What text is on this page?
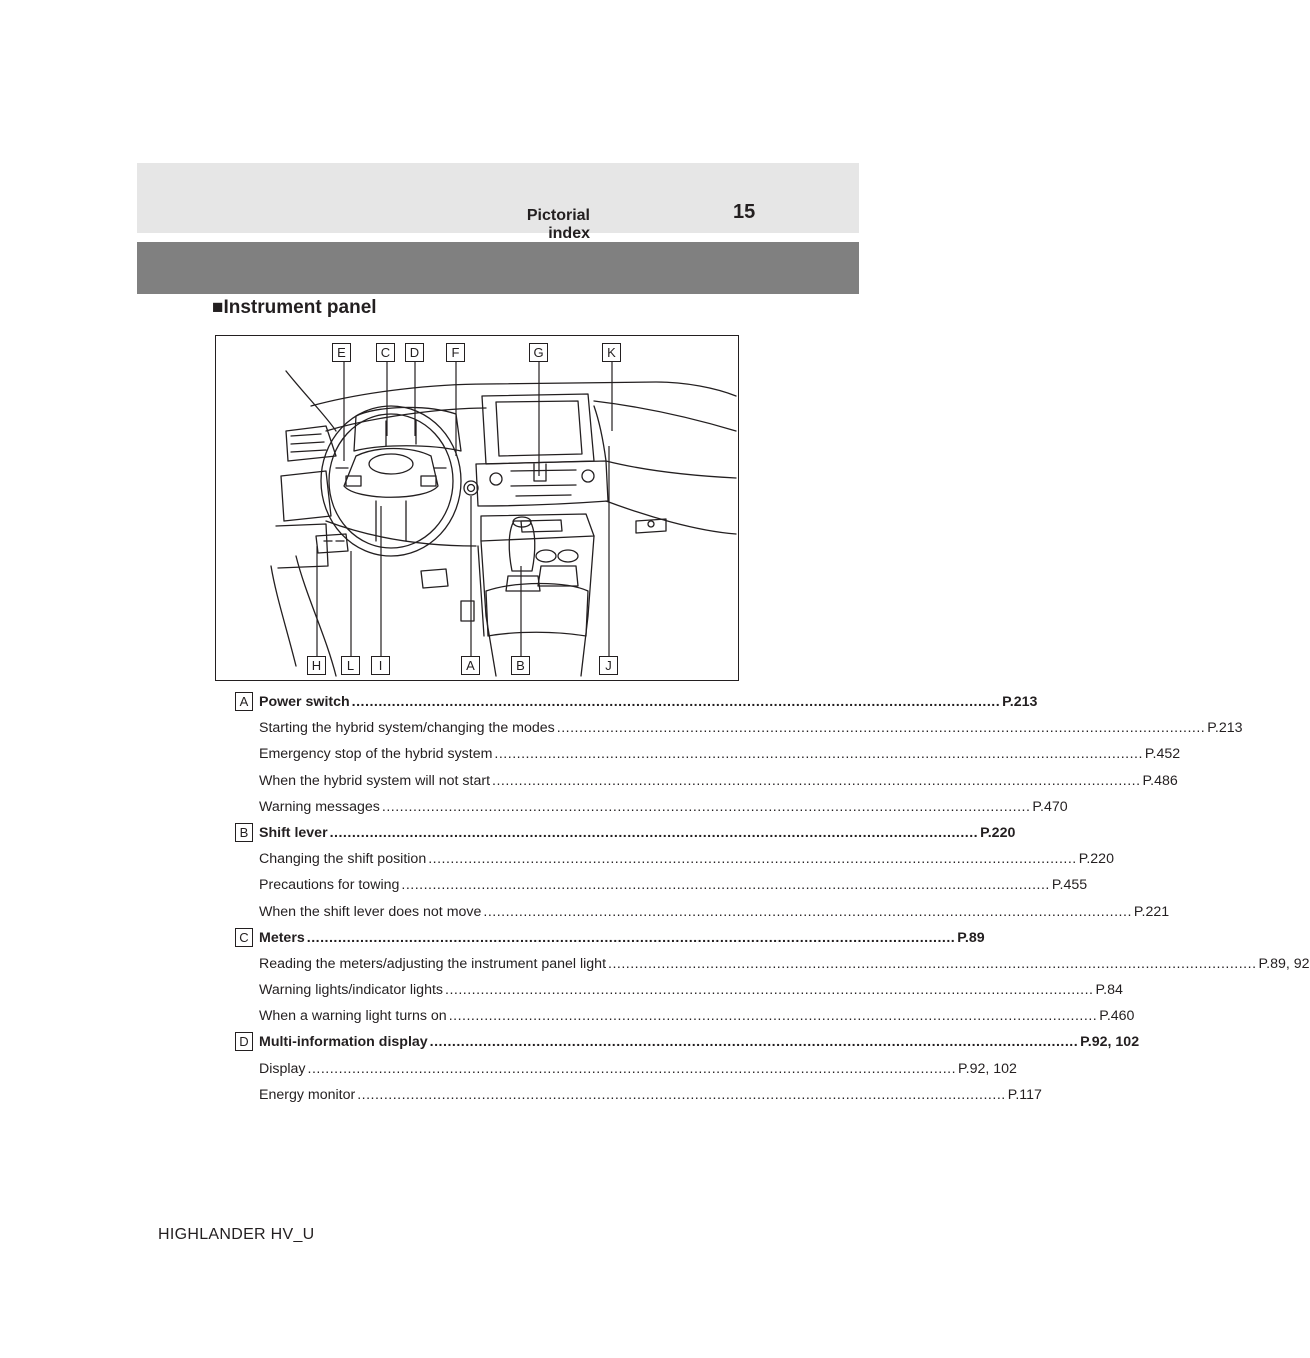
Pictorial index
15
■Instrument panel
E	C	D	F	G	K
H	L	I	A	B	J
A Power switch .................................................................................................................................................. P.213
Starting the hybrid system/changing the modes .................................................................................................................................................. P.213
Emergency stop of the hybrid system .................................................................................................................................................. P.452
When the hybrid system will not start .................................................................................................................................................. P.486
Warning messages .................................................................................................................................................. P.470
B Shift lever .................................................................................................................................................. P.220
Changing the shift position .................................................................................................................................................. P.220
Precautions for towing .................................................................................................................................................. P.455
When the shift lever does not move .................................................................................................................................................. P.221
C Meters .................................................................................................................................................. P.89
Reading the meters/adjusting the instrument panel light .................................................................................................................................................. P.89, 92
Warning lights/indicator lights .................................................................................................................................................. P.84
When a warning light turns on .................................................................................................................................................. P.460
D Multi-information display .................................................................................................................................................. P.92, 102
Display .................................................................................................................................................. P.92, 102
Energy monitor .................................................................................................................................................. P.117
HIGHLANDER HV_U
